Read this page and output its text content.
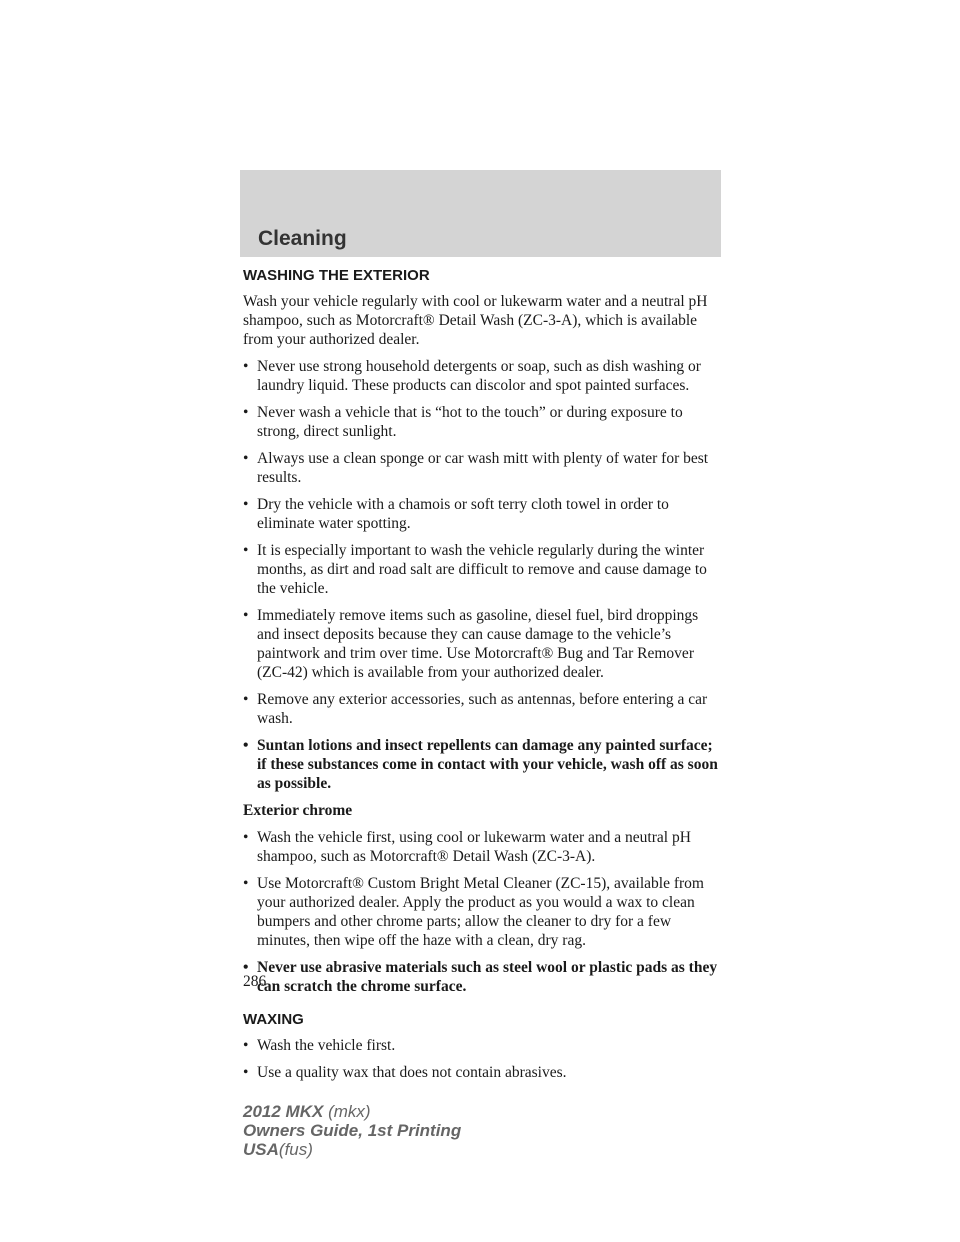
Cleaning
WASHING THE EXTERIOR

Wash your vehicle regularly with cool or lukewarm water and a neutral pH shampoo, such as Motorcraft® Detail Wash (ZC-3-A), which is available from your authorized dealer.

• Never use strong household detergents or soap, such as dish washing or laundry liquid. These products can discolor and spot painted surfaces.
• Never wash a vehicle that is “hot to the touch” or during exposure to strong, direct sunlight.
• Always use a clean sponge or car wash mitt with plenty of water for best results.
• Dry the vehicle with a chamois or soft terry cloth towel in order to eliminate water spotting.
• It is especially important to wash the vehicle regularly during the winter months, as dirt and road salt are difficult to remove and cause damage to the vehicle.
• Immediately remove items such as gasoline, diesel fuel, bird droppings and insect deposits because they can cause damage to the vehicle’s paintwork and trim over time. Use Motorcraft® Bug and Tar Remover (ZC-42) which is available from your authorized dealer.
• Remove any exterior accessories, such as antennas, before entering a car wash.
• Suntan lotions and insect repellents can damage any painted surface; if these substances come in contact with your vehicle, wash off as soon as possible.
Exterior chrome
• Wash the vehicle first, using cool or lukewarm water and a neutral pH shampoo, such as Motorcraft® Detail Wash (ZC-3-A).
• Use Motorcraft® Custom Bright Metal Cleaner (ZC-15), available from your authorized dealer. Apply the product as you would a wax to clean bumpers and other chrome parts; allow the cleaner to dry for a few minutes, then wipe off the haze with a clean, dry rag.
• Never use abrasive materials such as steel wool or plastic pads as they can scratch the chrome surface.
WAXING
• Wash the vehicle first.
• Use a quality wax that does not contain abrasives.
286
2012 MKX (mkx)
Owners Guide, 1st Printing
USA(fus)
